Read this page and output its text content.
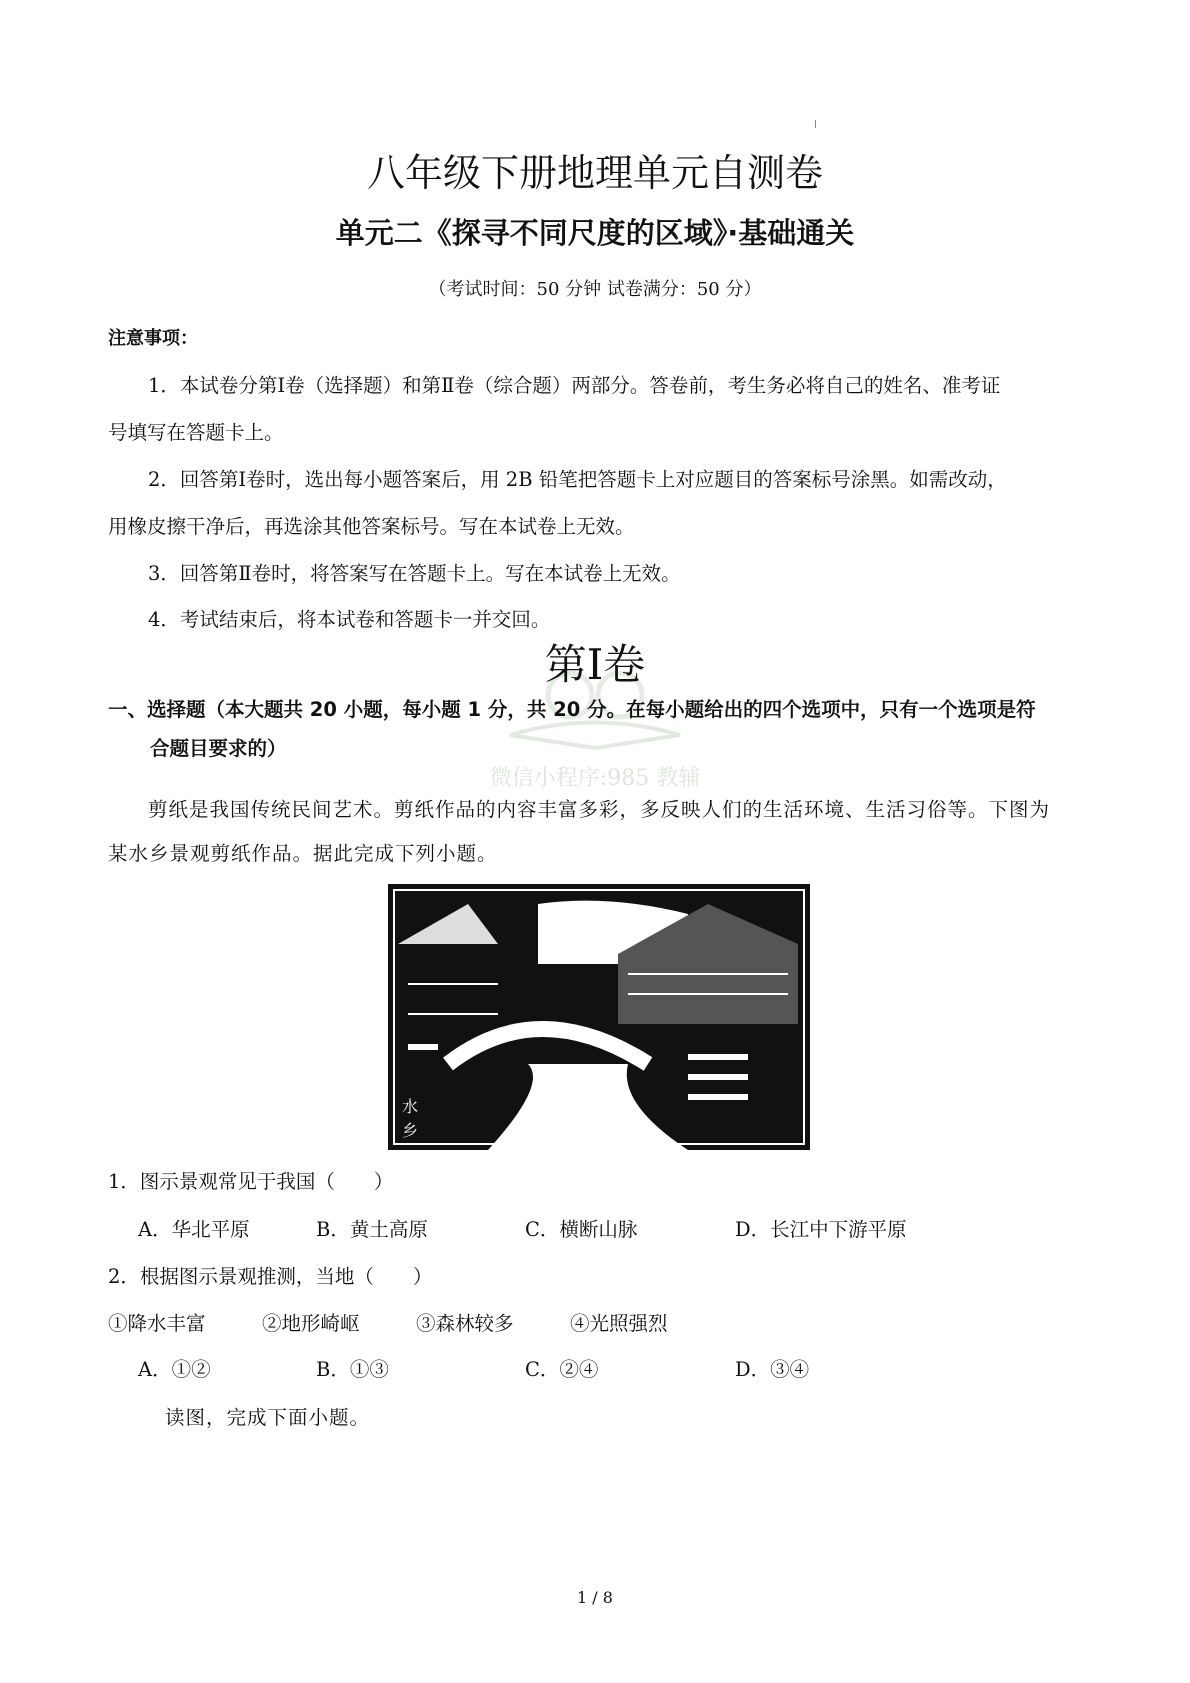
八年级下册地理单元自测卷
单元二《探寻不同尺度的区域》·基础通关
（考试时间：50 分钟 试卷满分：50 分）
注意事项：
1．本试卷分第Ⅰ卷（选择题）和第Ⅱ卷（综合题）两部分。答卷前，考生务必将自己的姓名、准考证
号填写在答题卡上。
2．回答第Ⅰ卷时，选出每小题答案后，用 2B 铅笔把答题卡上对应题目的答案标号涂黑。如需改动，
用橡皮擦干净后，再选涂其他答案标号。写在本试卷上无效。
3．回答第Ⅱ卷时，将答案写在答题卡上。写在本试卷上无效。
4．考试结束后，将本试卷和答题卡一并交回。
第Ⅰ卷
一、选择题（本大题共 20 小题，每小题 1 分，共 20 分。在每小题给出的四个选项中，只有一个选项是符
合题目要求的）
微信小程序:985 教辅
剪纸是我国传统民间艺术。剪纸作品的内容丰富多彩，多反映人们的生活环境、生活习俗等。下图为
某水乡景观剪纸作品。据此完成下列小题。
水
乡
1．图示景观常见于我国（　　）
A．华北平原	B．黄土高原	C．横断山脉	D．长江中下游平原
2．根据图示景观推测，当地（　　）
①降水丰富	②地形崎岖	③森林较多	④光照强烈
A．①②	B．①③	C．②④	D．③④
读图，完成下面小题。
1 / 8
